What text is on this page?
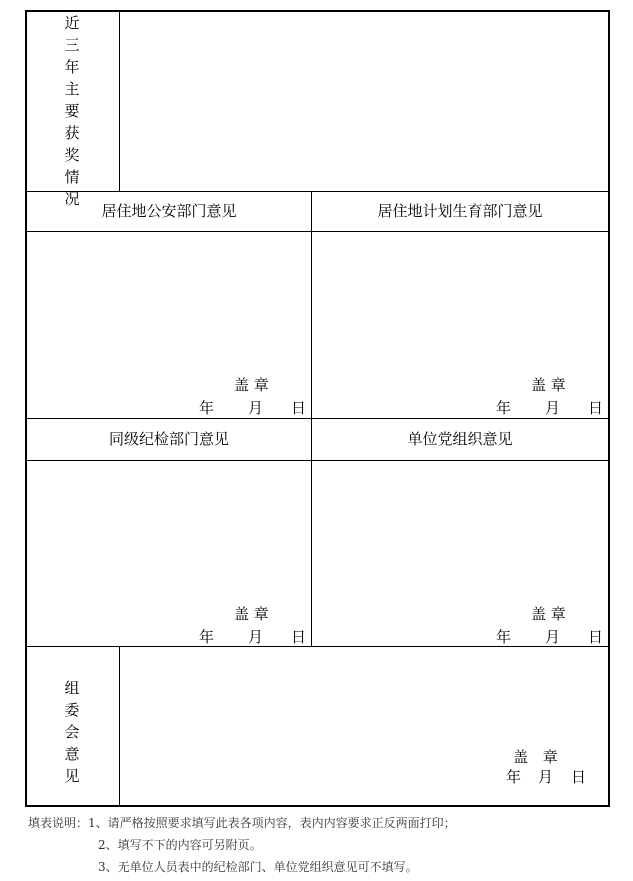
近三年主要获奖情况
居住地公安部门意见	居住地计划生育部门意见
盖 章
年 月 日
盖 章
年 月 日
同级纪检部门意见	单位党组织意见
盖 章
年 月 日
盖 章
年 月 日
组委会意见
盖 章
年 月 日
填表说明：1、请严格按照要求填写此表各项内容，表内内容要求正反两面打印；
2、填写不下的内容可另附页。
3、无单位人员表中的纪检部门、单位党组织意见可不填写。
